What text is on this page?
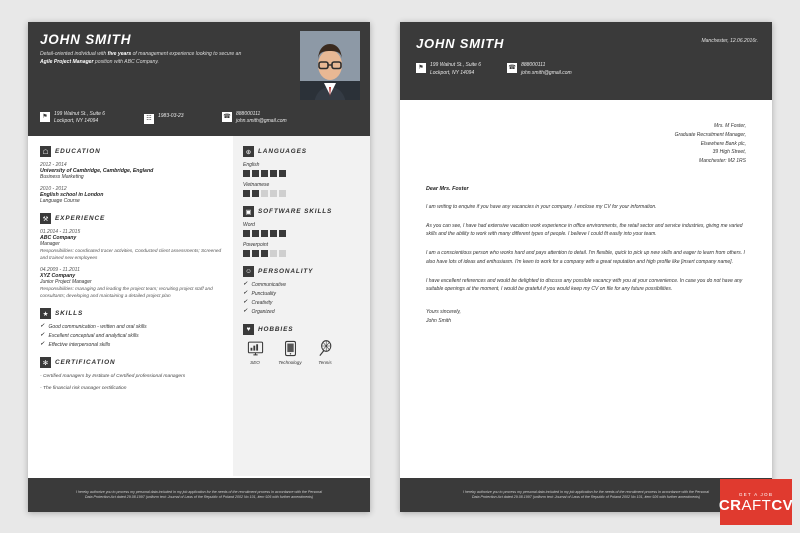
JOHN SMITH
Detail-oriented individual with five years of management experience looking to secure an Agile Project Manager position with ABC Company.
⚑	199 Walnut St., Suite 6
Lockport, NY 14094	☷	1983-03-23	☎ 888000111
john.smith@gmail.com
☖	EDUCATION
2012 - 2014
University of Cambridge, Cambridge, England
Business Marketing
2010 - 2012
English school in London
Language Course
⚒	EXPERIENCE
01.2014 - 11.2015
ABC Company
Manager
Responsibilities: coordinated tracer activities, Conducted client assessments; Screened and trained new employees
04.2009 - 11.2011
XYZ Company
Junior Project Manager
Responsibilities: managing and leading the project team; recruiting project staff and consultants; developing and maintaining a detailed project plan
★	SKILLS
✓ Good communication - written and oral skills
✓ Excellent conceptual and analytical skills
✓ Effective interpersonal skills
✻	CERTIFICATION
- Certified managers by Institute of Certified professional managers
- The financial risk manager certification
⊕	LANGUAGES
English
Vietnamese
▣	SOFTWARE SKILLS
Word
Powerpoint
☺ PERSONALITY
✓ Communicative
✓ Punctuality
✓ Creativity
✓ Organized
♥	HOBBIES
SEO	Technology	Tennis
I hereby authorize you to process my personal data included in my job application for the needs of the recruitment process in accordance with the Personal Data Protection Act dated 29.08.1997 (uniform text: Journal of Laws of the Republic of Poland 2002 No 101, item 926 with further amendments)
JOHN SMITH	Manchester, 12.06.2016r.
⚑	199 Walnut St., Suite 6
Lockport, NY 14094
☎ 888000111
john.smith@gmail.com
Mrs. M Foster,
Graduate Recruitment Manager,
Elsewhere Bank plc,
39 High Street,
Manchester: M2 1RS
Dear Mrs. Foster
I am writing to enquire if you have any vacancies in your company. I enclose my CV for your information.
As you can see, I have had extensive vacation work experience in office environments, the retail sector and service industries, giving me varied skills and the ability to work with many different types of people. I believe I could fit easily into your team.
I am a conscientious person who works hard and pays attention to detail. I'm flexible, quick to pick up new skills and eager to learn from others. I also have lots of ideas and enthusiasm. I'm keen to work for a company with a great reputation and high profile like [insert company name].
I have excellent references and would be delighted to discuss any possible vacancy with you at your convenience. In case you do not have any suitable openings at the moment, I would be grateful if you would keep my CV on file for any future possibilities.
Yours sincerely,
John Smith
I hereby authorize you to process my personal data included in my job application for the needs of the recruitment process in accordance with the Personal Data Protection Act dated 29.08.1997 (uniform text: Journal of Laws of the Republic of Poland 2002 No 101, item 926 with further amendments)
GET A JOB
CRAFTCV
